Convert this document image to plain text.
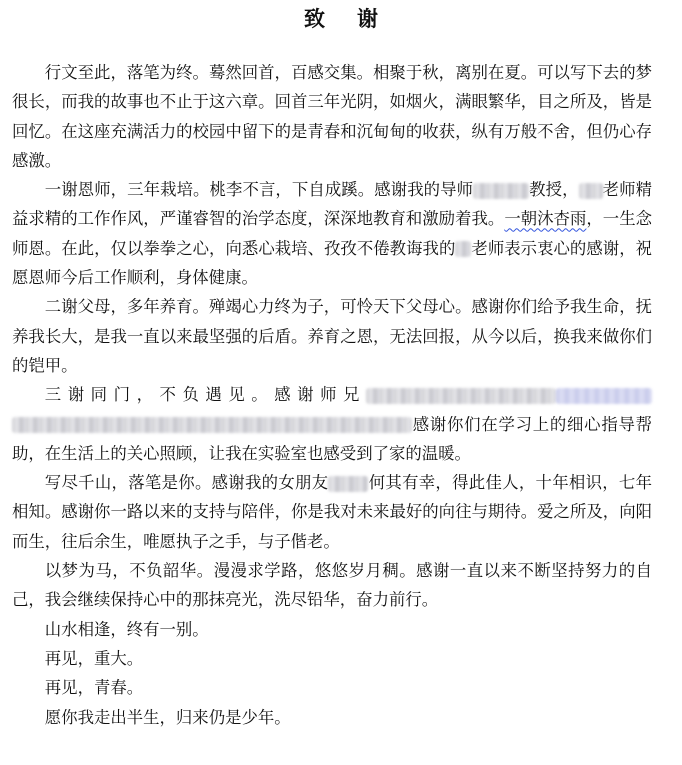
致谢

行文至此，落笔为终。蓦然回首，百感交集。相聚于秋，离别在夏。可以写下去的梦很长，而我的故事也不止于这六章。回首三年光阴，如烟火，满眼繁华，目之所及，皆是回忆。在这座充满活力的校园中留下的是青春和沉甸甸的收获，纵有万般不舍，但仍心存感激。

一谢恩师，三年栽培。桃李不言，下自成蹊。感谢我的导师	教授， 老师精益求精的工作作风，严谨睿智的治学态度，深深地教育和激励着我。一朝沐杏雨，一生念师恩。在此，仅以拳拳之心，向悉心栽培、孜孜不倦教诲我的 老师表示衷心的感谢，祝愿恩师今后工作顺利，身体健康。

二谢父母，多年养育。殚竭心力终为子，可怜天下父母心。感谢你们给予我生命，抚养我长大，是我一直以来最坚强的后盾。养育之恩，无法回报，从今以后，换我来做你们的铠甲。

三谢同门，不负遇见。感谢师兄感谢你们在学习上的细心指导帮助，在生活上的关心照顾，让我在实验室也感受到了家的温暖。

写尽千山，落笔是你。感谢我的女朋友 何其有幸，得此佳人，十年相识，七年相知。感谢你一路以来的支持与陪伴，你是我对未来最好的向往与期待。爱之所及，向阳而生，往后余生，唯愿执子之手，与子偕老。

以梦为马，不负韶华。漫漫求学路，悠悠岁月稠。感谢一直以来不断坚持努力的自己，我会继续保持心中的那抹亮光，洗尽铅华，奋力前行。

山水相逢，终有一别。

再见，重大。

再见，青春。

愿你我走出半生，归来仍是少年。
